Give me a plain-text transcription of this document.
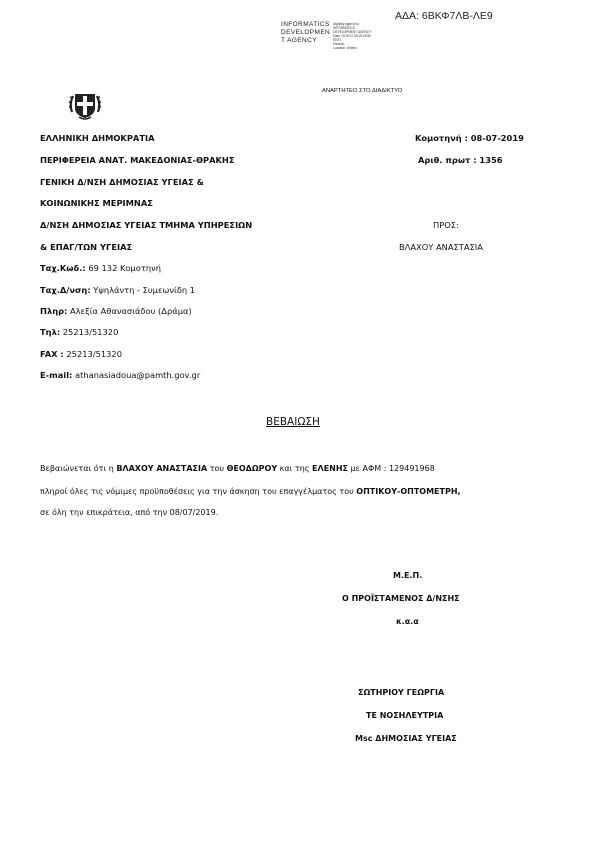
ΑΔΑ: 6ΒΚΦ7ΛΒ-ΛΕ9
INFORMATICS
DEVELOPMEN
T AGENCY
Digitally signed by
INFORMATICS
DEVELOPMENT AGENCY
Date: 2019.07.08 15:25:59
EEST
Reason:
Location: Athens
ΑΝΑΡΤΗΤΕΟ ΣΤΟ ΔΙΑΔΙΚΤΥΟ
ΕΛΛΗΝΙΚΗ ΔΗΜΟΚΡΑΤΙΑ
ΠΕΡΙΦΕΡΕΙΑ ΑΝΑΤ. ΜΑΚΕΔΟΝΙΑΣ-ΘΡΑΚΗΣ
ΓΕΝΙΚΗ Δ/ΝΣΗ ΔΗΜΟΣΙΑΣ ΥΓΕΙΑΣ &
ΚΟΙΝΩΝΙΚΗΣ ΜΕΡΙΜΝΑΣ
Δ/ΝΣΗ ΔΗΜΟΣΙΑΣ ΥΓΕΙΑΣ ΤΜΗΜΑ ΥΠΗΡΕΣΙΩΝ
& ΕΠΑΓ/ΤΩΝ ΥΓΕΙΑΣ
Ταχ.Κωδ.: 69 132 Κομοτηνή
Ταχ.Δ/νση: Υψηλάντη - Συμεωνίδη 1
Πληρ: Αλεξία Αθανασιάδου (Δράμα)
Τηλ: 25213/51320
FAX : 25213/51320
E-mail: athanasiadoua@pamth.gov.gr
Κομοτηνή : 08-07-2019
Αριθ. πρωτ : 1356
ΠΡΟΣ:
ΒΛΑΧΟΥ ΑΝΑΣΤΑΣΙΑ
ΒΕΒΑΙΩΣΗ
Βεβαιώνεται ότι η ΒΛΑΧΟΥ ΑΝΑΣΤΑΣΙΑ του ΘΕΟΔΩΡΟΥ και της ΕΛΕΝΗΣ με ΑΦΜ : 129491968
πληροί όλες τις νόμιμες προϋποθέσεις για την άσκηση του επαγγέλματος του ΟΠΤΙΚΟΥ-ΟΠΤΟΜΕΤΡΗ,
σε όλη την επικράτεια, από την 08/07/2019.
Μ.Ε.Π.
Ο ΠΡΟΪΣΤΑΜΕΝΟΣ Δ/ΝΣΗΣ
κ.α.α
ΣΩΤΗΡΙΟΥ ΓΕΩΡΓΙΑ
ΤΕ ΝΟΣΗΛΕΥΤΡΙΑ
Msc ΔΗΜΟΣΙΑΣ ΥΓΕΙΑΣ
